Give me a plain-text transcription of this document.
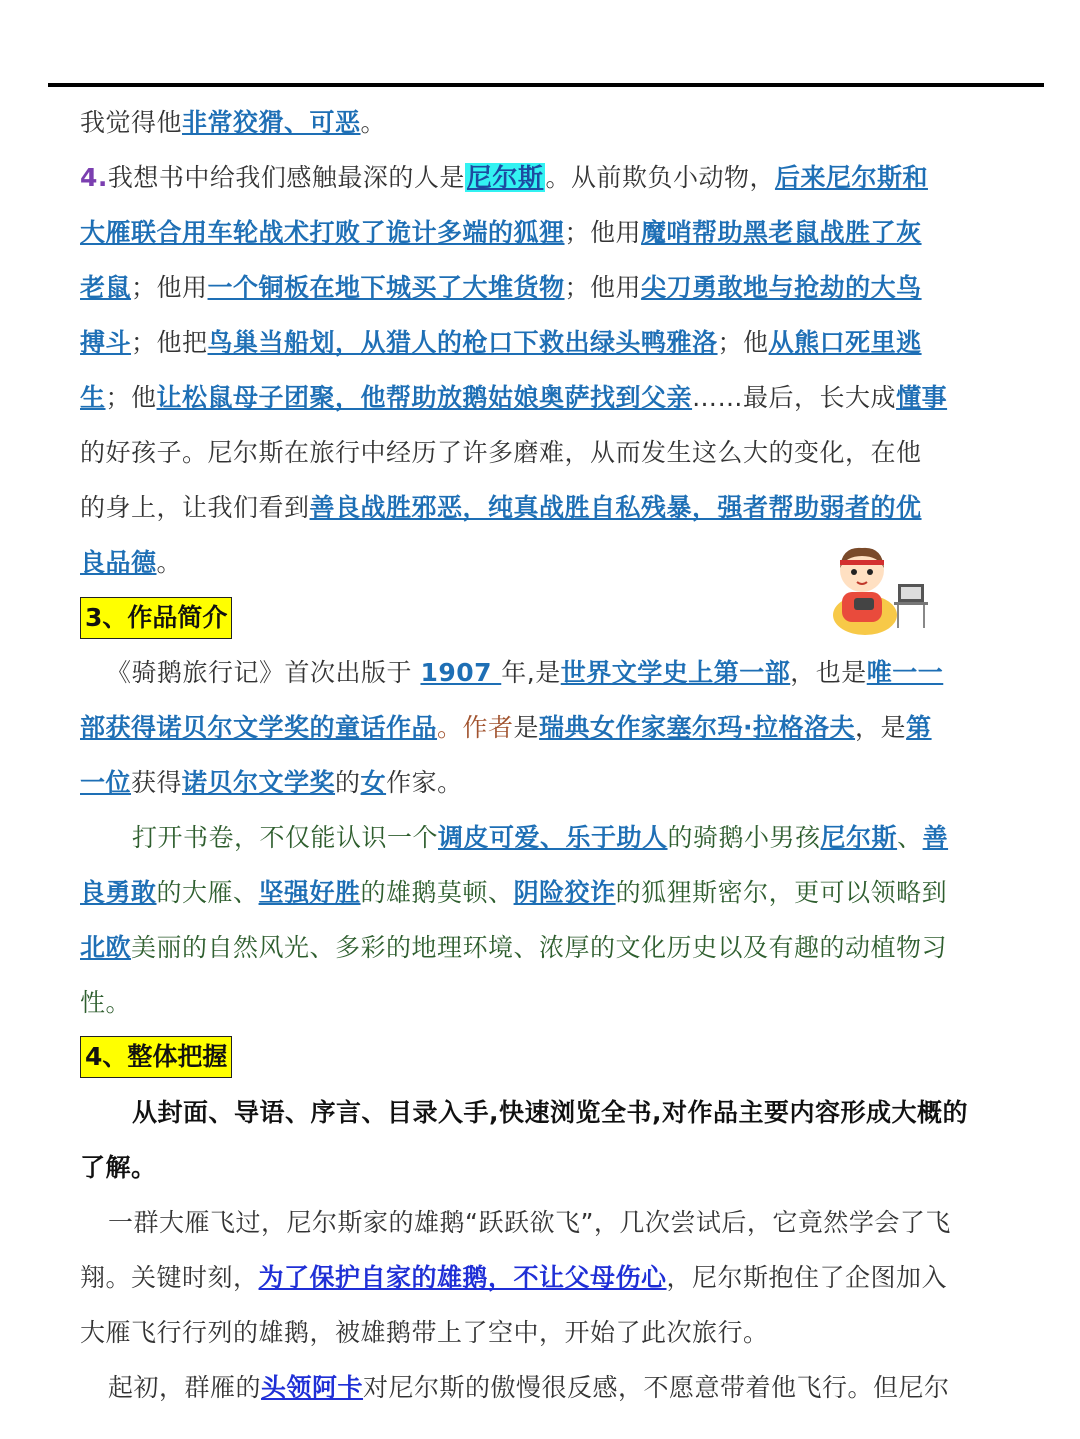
我觉得他非常狡猾、可恶。
4.我想书中给我们感触最深的人是尼尔斯。从前欺负小动物，后来尼尔斯和
大雁联合用车轮战术打败了诡计多端的狐狸；他用魔哨帮助黑老鼠战胜了灰
老鼠；他用一个铜板在地下城买了大堆货物；他用尖刀勇敢地与抢劫的大鸟
搏斗；他把鸟巢当船划，从猎人的枪口下救出绿头鸭雅洛；他从熊口死里逃
生；他让松鼠母子团聚，他帮助放鹅姑娘奥萨找到父亲……最后，长大成懂事
的好孩子。尼尔斯在旅行中经历了许多磨难，从而发生这么大的变化，在他
的身上，让我们看到善良战胜邪恶，纯真战胜自私残暴，强者帮助弱者的优
良品德。
3、作品简介
《骑鹅旅行记》首次出版于 1907 年,是世界文学史上第一部，也是唯一一
部获得诺贝尔文学奖的童话作品。作者是瑞典女作家塞尔玛·拉格洛夫，是第
一位获得诺贝尔文学奖的女作家。
打开书卷，不仅能认识一个调皮可爱、乐于助人的骑鹅小男孩尼尔斯、善
良勇敢的大雁、坚强好胜的雄鹅莫顿、阴险狡诈的狐狸斯密尔，更可以领略到
北欧美丽的自然风光、多彩的地理环境、浓厚的文化历史以及有趣的动植物习
性。
4、整体把握
从封面、导语、序言、目录入手,快速浏览全书,对作品主要内容形成大概的
了解。
一群大雁飞过，尼尔斯家的雄鹅“跃跃欲飞”，几次尝试后，它竟然学会了飞
翔。关键时刻，为了保护自家的雄鹅，不让父母伤心，尼尔斯抱住了企图加入
大雁飞行行列的雄鹅，被雄鹅带上了空中，开始了此次旅行。
起初，群雁的头领阿卡对尼尔斯的傲慢很反感，不愿意带着他飞行。但尼尔
